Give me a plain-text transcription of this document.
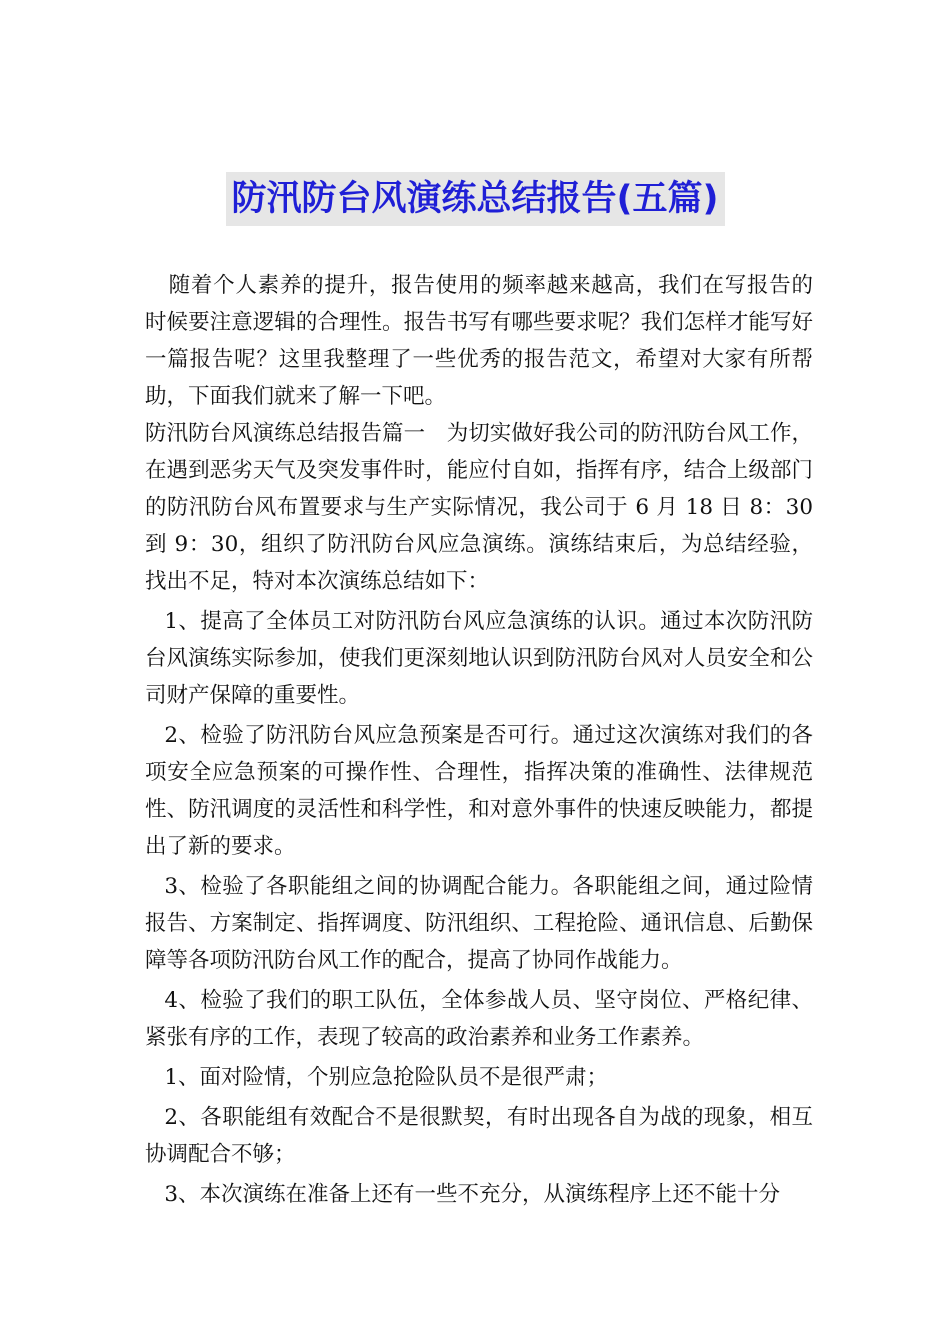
防汛防台风演练总结报告(五篇)

随着个人素养的提升，报告使用的频率越来越高，我们在写报告的时候要注意逻辑的合理性。报告书写有哪些要求呢？我们怎样才能写好一篇报告呢？这里我整理了一些优秀的报告范文，希望对大家有所帮助，下面我们就来了解一下吧。

防汛防台风演练总结报告篇一　为切实做好我公司的防汛防台风工作，在遇到恶劣天气及突发事件时，能应付自如，指挥有序，结合上级部门的防汛防台风布置要求与生产实际情况，我公司于 6 月 18 日 8：30 到 9：30，组织了防汛防台风应急演练。演练结束后，为总结经验，找出不足，特对本次演练总结如下：

1、提高了全体员工对防汛防台风应急演练的认识。通过本次防汛防台风演练实际参加，使我们更深刻地认识到防汛防台风对人员安全和公司财产保障的重要性。

2、检验了防汛防台风应急预案是否可行。通过这次演练对我们的各项安全应急预案的可操作性、合理性，指挥决策的准确性、法律规范性、防汛调度的灵活性和科学性，和对意外事件的快速反映能力，都提出了新的要求。

3、检验了各职能组之间的协调配合能力。各职能组之间，通过险情报告、方案制定、指挥调度、防汛组织、工程抢险、通讯信息、后勤保障等各项防汛防台风工作的配合，提高了协同作战能力。

4、检验了我们的职工队伍，全体参战人员、坚守岗位、严格纪律、紧张有序的工作，表现了较高的政治素养和业务工作素养。

1、面对险情，个别应急抢险队员不是很严肃；

2、各职能组有效配合不是很默契，有时出现各自为战的现象，相互协调配合不够；

3、本次演练在准备上还有一些不充分，从演练程序上还不能十分
